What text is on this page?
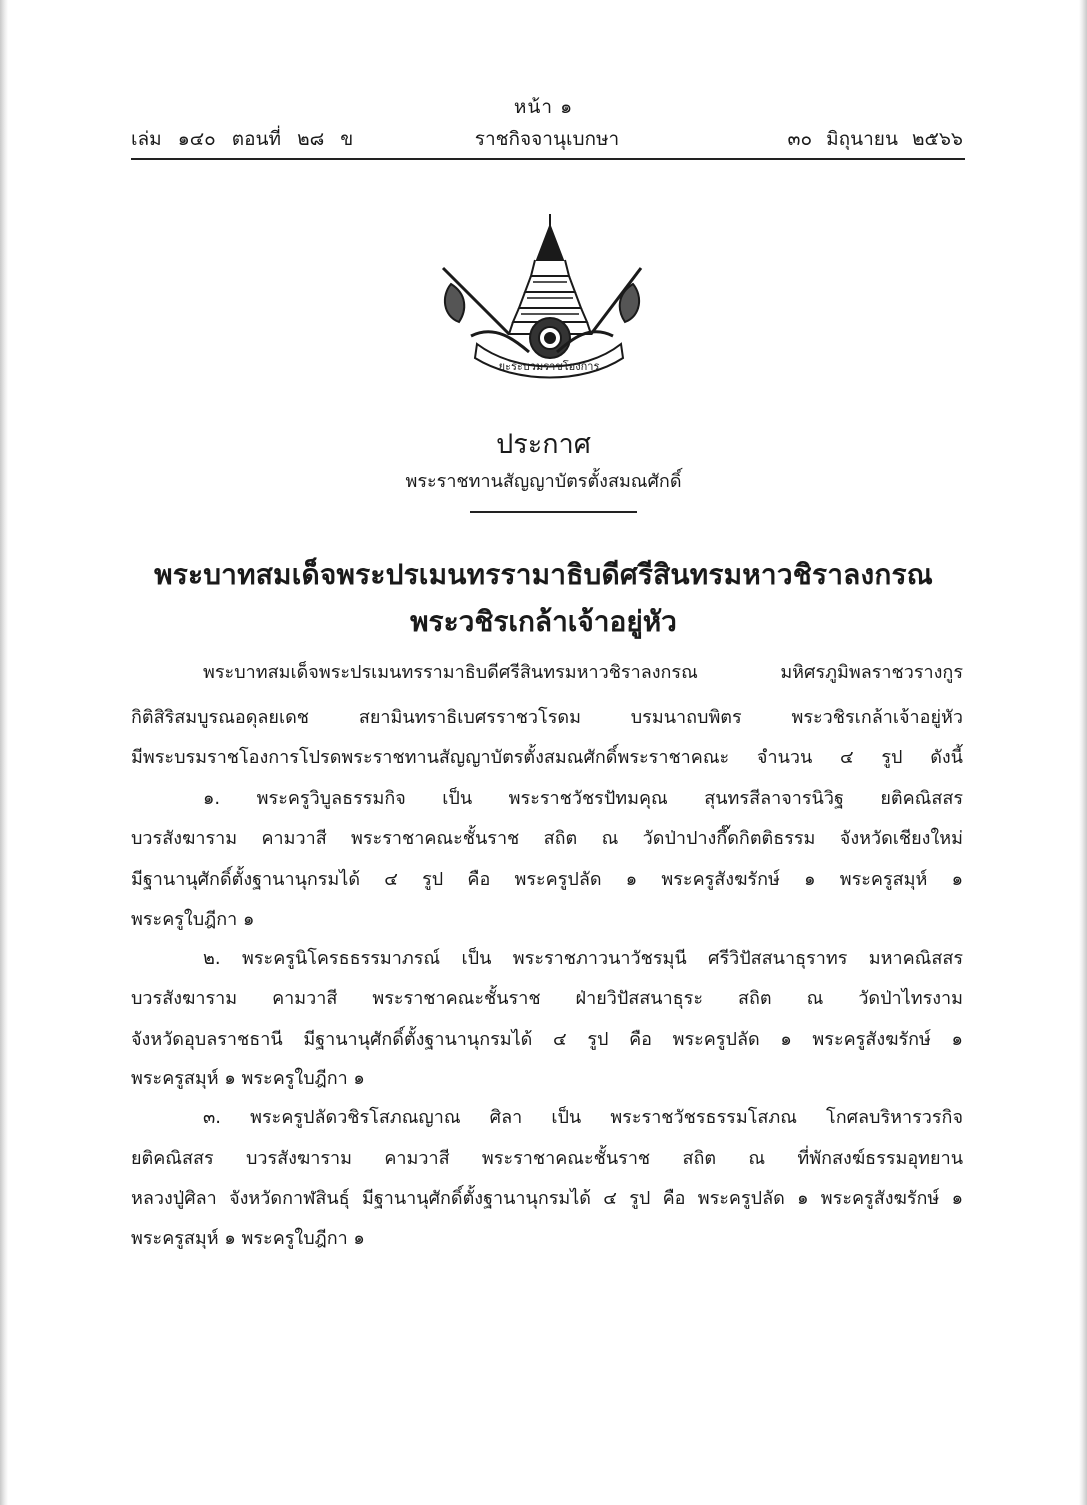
หน้า ๑
เล่ม ๑๔๐ ตอนที่ ๒๘ ข	ราชกิจจานุเบกษา	๓๐ มิถุนายน ๒๕๖๖
ยะระบวมราชโองการ
ประกาศ
พระราชทานสัญญาบัตรตั้งสมณศักดิ์
พระบาทสมเด็จพระปรเมนทรรามาธิบดีศรีสินทรมหาวชิราลงกรณ
พระวชิรเกล้าเจ้าอยู่หัว
พระบาทสมเด็จพระปรเมนทรรามาธิบดีศรีสินทรมหาวชิราลงกรณ มหิศรภูมิพลราชวรางกูร
กิติสิริสมบูรณอดุลยเดช สยามินทราธิเบศรราชวโรดม บรมนาถบพิตร พระวชิรเกล้าเจ้าอยู่หัว
มีพระบรมราชโองการโปรดพระราชทานสัญญาบัตรตั้งสมณศักดิ์พระราชาคณะ จำนวน ๔ รูป ดังนี้
๑. พระครูวิบูลธรรมกิจ เป็น พระราชวัชรปัทมคุณ สุนทรสีลาจารนิวิฐ ยติคณิสสร
บวรสังฆาราม คามวาสี พระราชาคณะชั้นราช สถิต ณ วัดป่าปางกึ๊ดกิตติธรรม จังหวัดเชียงใหม่
มีฐานานุศักดิ์ตั้งฐานานุกรมได้ ๔ รูป คือ พระครูปลัด ๑ พระครูสังฆรักษ์ ๑ พระครูสมุห์ ๑
พระครูใบฎีกา ๑
๒. พระครูนิโครธธรรมาภรณ์ เป็น พระราชภาวนาวัชรมุนี ศรีวิปัสสนาธุราทร มหาคณิสสร
บวรสังฆาราม คามวาสี พระราชาคณะชั้นราช ฝ่ายวิปัสสนาธุระ สถิต ณ วัดป่าไทรงาม
จังหวัดอุบลราชธานี มีฐานานุศักดิ์ตั้งฐานานุกรมได้ ๔ รูป คือ พระครูปลัด ๑ พระครูสังฆรักษ์ ๑
พระครูสมุห์ ๑ พระครูใบฎีกา ๑
๓. พระครูปลัดวชิรโสภณญาณ ศิลา เป็น พระราชวัชรธรรมโสภณ โกศลบริหารวรกิจ
ยติคณิสสร บวรสังฆาราม คามวาสี พระราชาคณะชั้นราช สถิต ณ ที่พักสงฆ์ธรรมอุทยาน
หลวงปู่ศิลา จังหวัดกาฬสินธุ์ มีฐานานุศักดิ์ตั้งฐานานุกรมได้ ๔ รูป คือ พระครูปลัด ๑ พระครูสังฆรักษ์ ๑
พระครูสมุห์ ๑ พระครูใบฎีกา ๑
